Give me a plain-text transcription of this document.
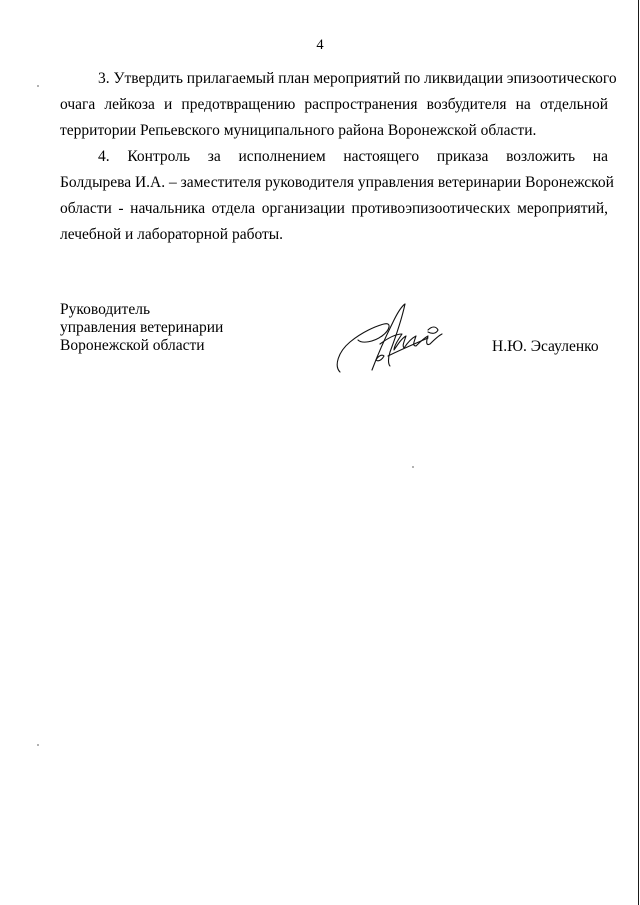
4
3. Утвердить прилагаемый план мероприятий по ликвидации эпизоотического
очага лейкоза и предотвращению распространения возбудителя на отдельной
территории Репьевского муниципального района Воронежской области.
4. Контроль за исполнением настоящего приказа возложить на
Болдырева И.А. – заместителя руководителя управления ветеринарии Воронежской
области - начальника отдела организации противоэпизоотических мероприятий,
лечебной и лабораторной работы.
Руководитель
управления ветеринарии
Воронежской области	Н.Ю. Эсауленко
